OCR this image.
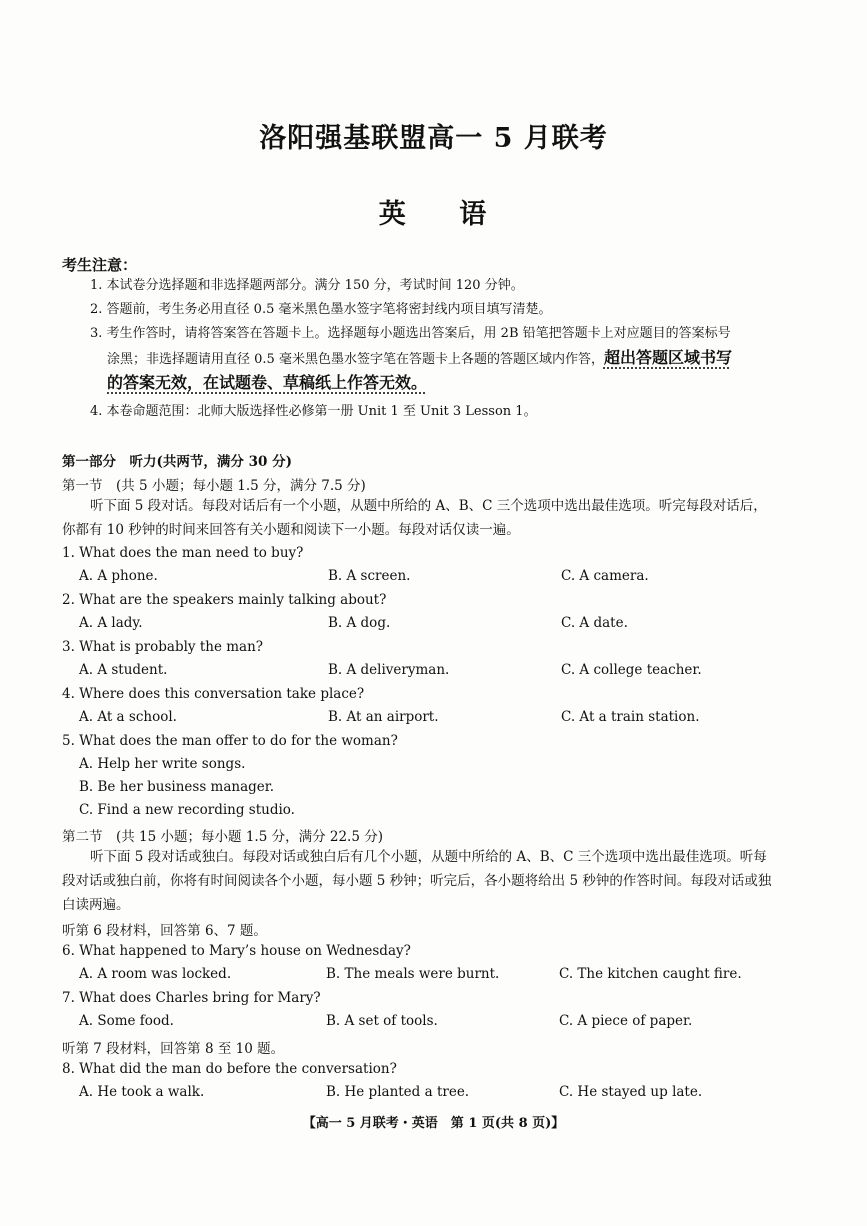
洛阳强基联盟高一 5 月联考
英 语
考生注意：
1. 本试卷分选择题和非选择题两部分。满分 150 分，考试时间 120 分钟。
2. 答题前，考生务必用直径 0.5 毫米黑色墨水签字笔将密封线内项目填写清楚。
3. 考生作答时，请将答案答在答题卡上。选择题每小题选出答案后，用 2B 铅笔把答题卡上对应题目的答案标号
涂黑；非选择题请用直径 0.5 毫米黑色墨水签字笔在答题卡上各题的答题区域内作答，超出答题区域书写
的答案无效，在试题卷、草稿纸上作答无效。
4. 本卷命题范围：北师大版选择性必修第一册 Unit 1 至 Unit 3 Lesson 1。
第一部分　听力(共两节，满分 30 分)
第一节　(共 5 小题；每小题 1.5 分，满分 7.5 分)
听下面 5 段对话。每段对话后有一个小题，从题中所给的 A、B、C 三个选项中选出最佳选项。听完每段对话后，你都有 10 秒钟的时间来回答有关小题和阅读下一小题。每段对话仅读一遍。
1. What does the man need to buy?
A. A phone.	B. A screen.	C. A camera.
2. What are the speakers mainly talking about?
A. A lady.	B. A dog.	C. A date.
3. What is probably the man?
A. A student.	B. A deliveryman.	C. A college teacher.
4. Where does this conversation take place?
A. At a school.	B. At an airport.	C. At a train station.
5. What does the man offer to do for the woman?
A. Help her write songs.
B. Be her business manager.
C. Find a new recording studio.
第二节　(共 15 小题；每小题 1.5 分，满分 22.5 分)
听下面 5 段对话或独白。每段对话或独白后有几个小题，从题中所给的 A、B、C 三个选项中选出最佳选项。听每段对话或独白前，你将有时间阅读各个小题，每小题 5 秒钟；听完后，各小题将给出 5 秒钟的作答时间。每段对话或独白读两遍。
听第 6 段材料，回答第 6、7 题。
6. What happened to Mary’s house on Wednesday?
A. A room was locked.	B. The meals were burnt.	C. The kitchen caught fire.
7. What does Charles bring for Mary?
A. Some food.	B. A set of tools.	C. A piece of paper.
听第 7 段材料，回答第 8 至 10 题。
8. What did the man do before the conversation?
A. He took a walk.	B. He planted a tree.	C. He stayed up late.
【高一 5 月联考・英语　第 1 页(共 8 页)】
